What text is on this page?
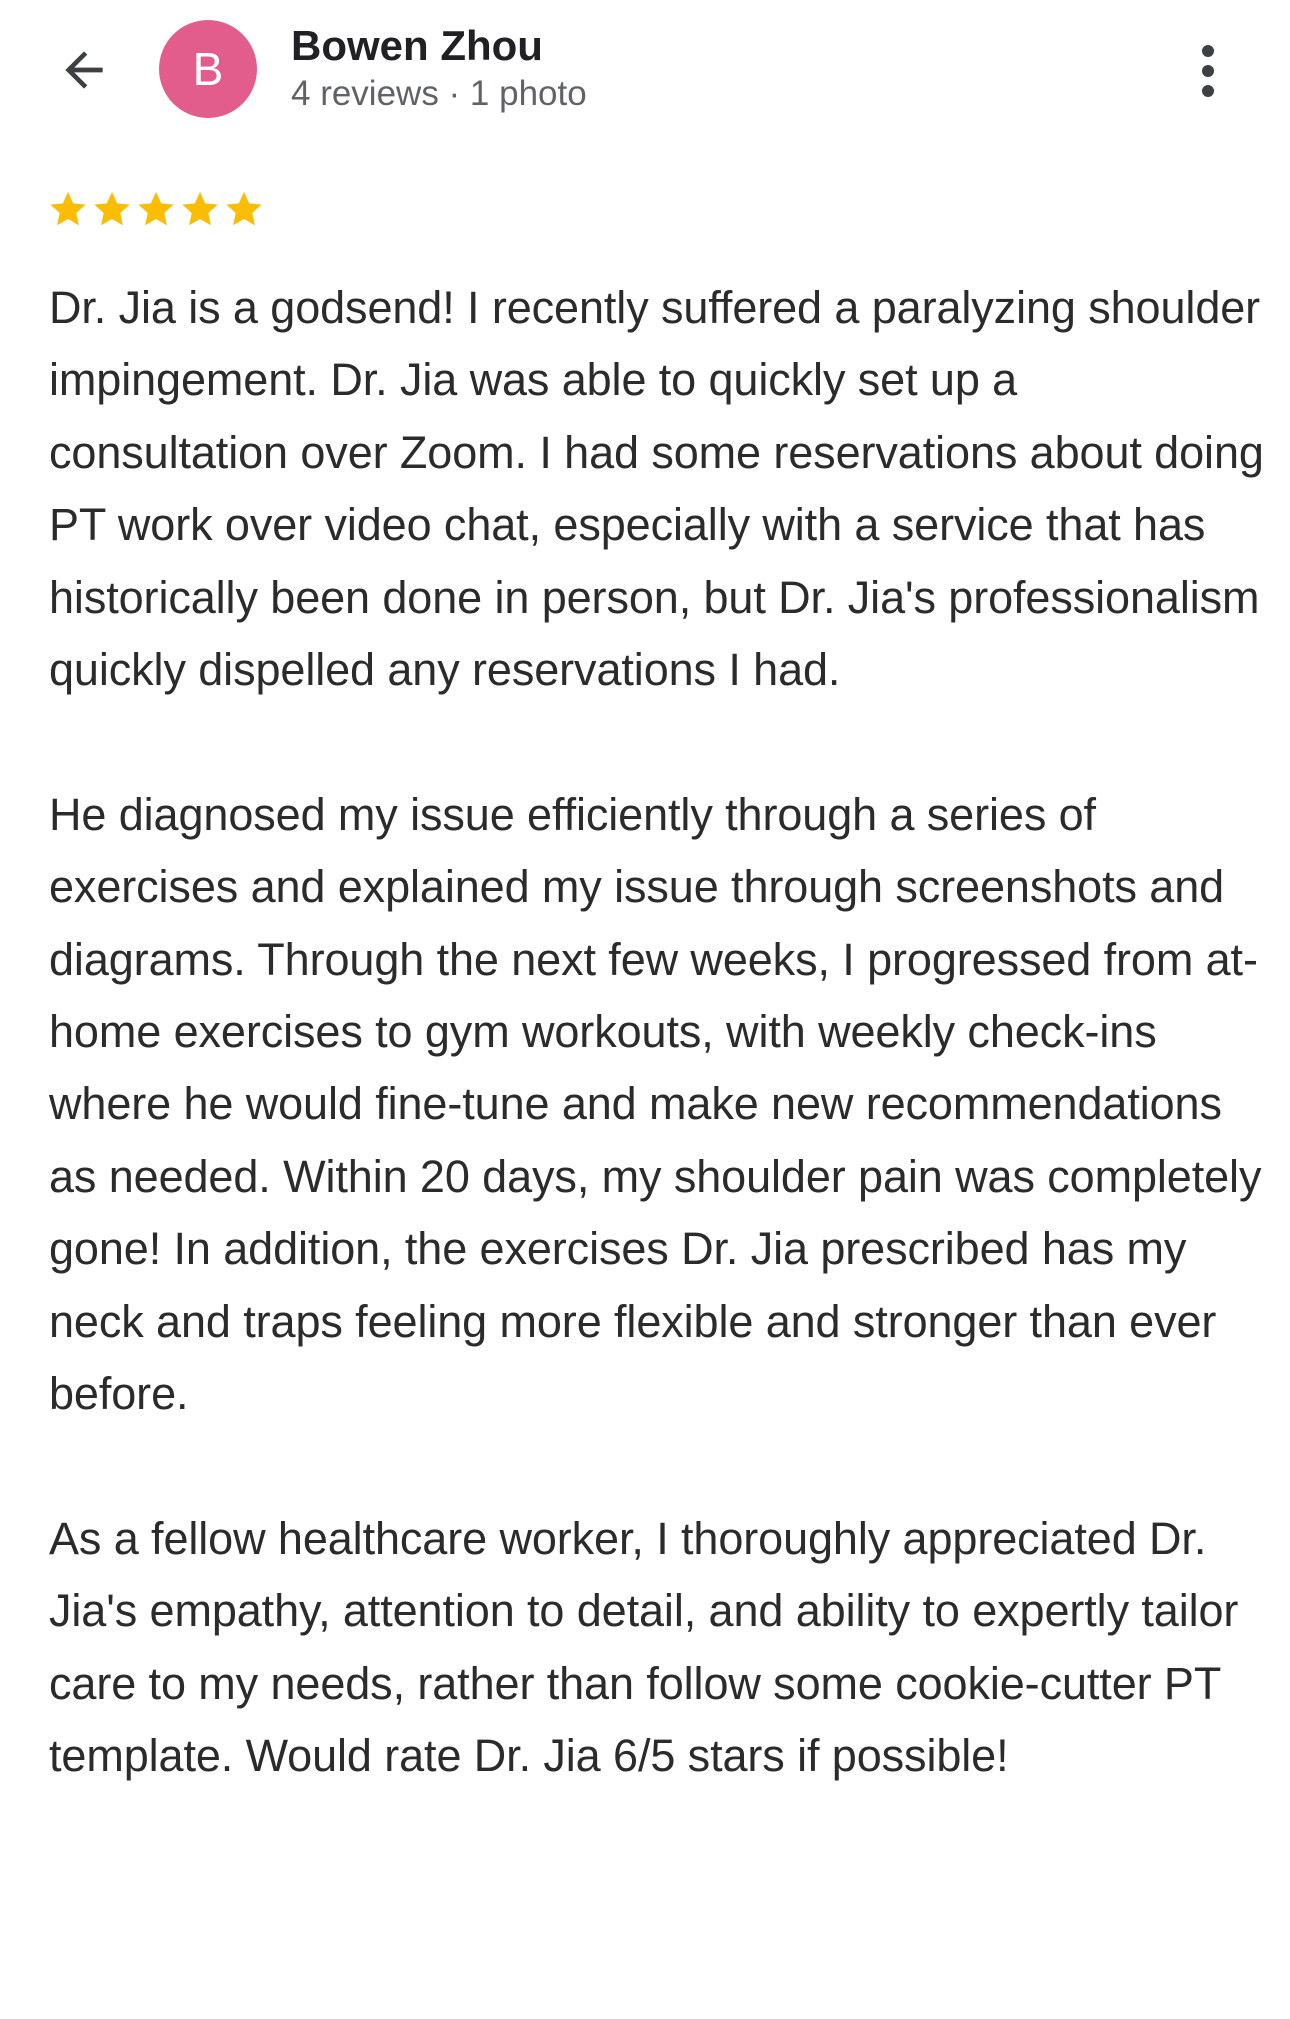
B	Bowen Zhou
4 reviews · 1 photo

Dr. Jia is a godsend! I recently suffered a paralyzing shoulder impingement. Dr. Jia was able to quickly set up a consultation over Zoom. I had some reservations about doing PT work over video chat, especially with a service that has historically been done in person, but Dr. Jia's professionalism quickly dispelled any reservations I had.

He diagnosed my issue efficiently through a series of exercises and explained my issue through screenshots and diagrams. Through the next few weeks, I progressed from at-home exercises to gym workouts, with weekly check-ins where he would fine-tune and make new recommendations as needed. Within 20 days, my shoulder pain was completely gone! In addition, the exercises Dr. Jia prescribed has my neck and traps feeling more flexible and stronger than ever before.

As a fellow healthcare worker, I thoroughly appreciated Dr. Jia's empathy, attention to detail, and ability to expertly tailor care to my needs, rather than follow some cookie-cutter PT template. Would rate Dr. Jia 6/5 stars if possible!
